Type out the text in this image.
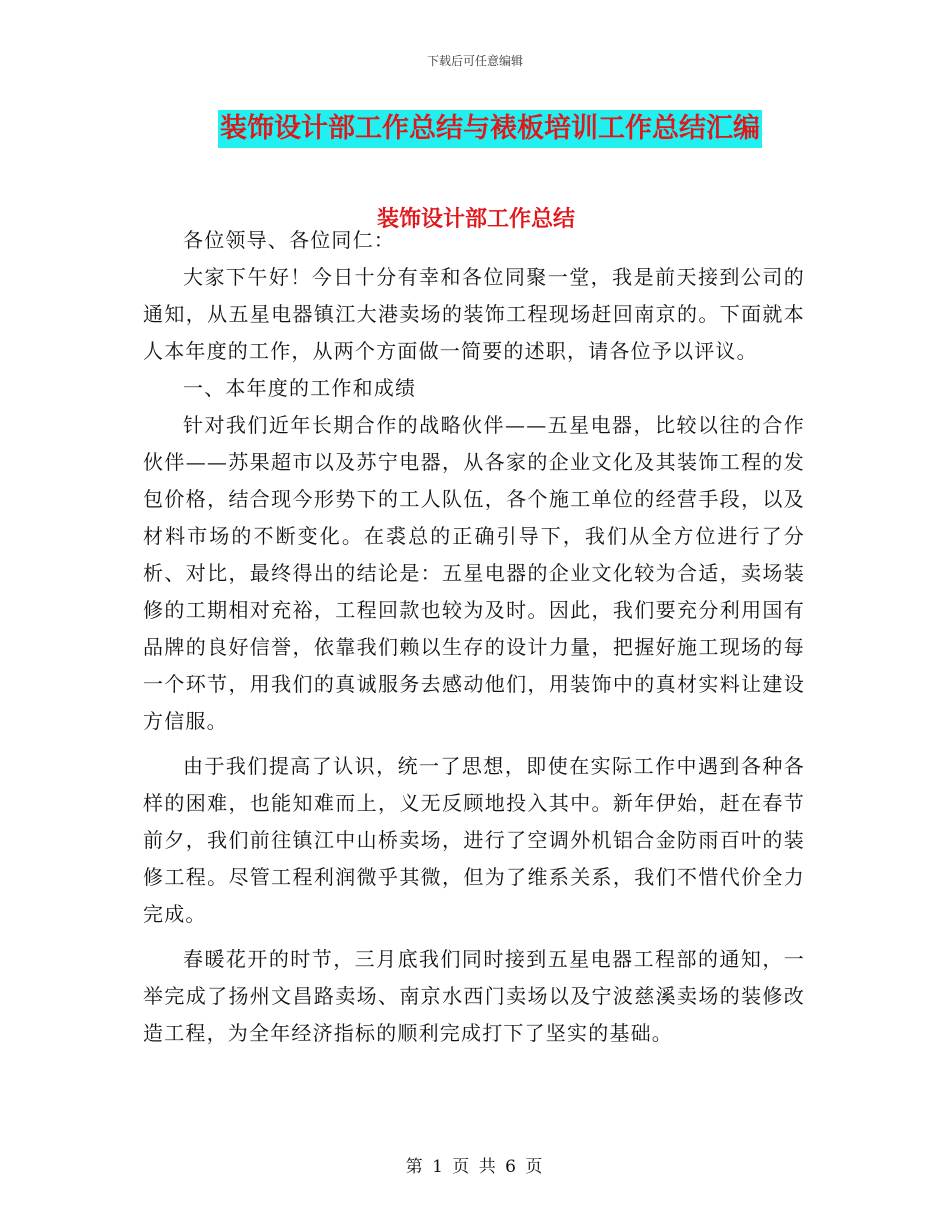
下载后可任意编辑
装饰设计部工作总结与裱板培训工作总结汇编
装饰设计部工作总结

各位领导、各位同仁：

大家下午好！今日十分有幸和各位同聚一堂，我是前天接到公司的通知，从五星电器镇江大港卖场的装饰工程现场赶回南京的。下面就本人本年度的工作，从两个方面做一简要的述职，请各位予以评议。

一、本年度的工作和成绩

针对我们近年长期合作的战略伙伴——五星电器，比较以往的合作伙伴——苏果超市以及苏宁电器，从各家的企业文化及其装饰工程的发包价格，结合现今形势下的工人队伍，各个施工单位的经营手段，以及材料市场的不断变化。在裘总的正确引导下，我们从全方位进行了分析、对比，最终得出的结论是：五星电器的企业文化较为合适，卖场装修的工期相对充裕，工程回款也较为及时。因此，我们要充分利用国有品牌的良好信誉，依靠我们赖以生存的设计力量，把握好施工现场的每一个环节，用我们的真诚服务去感动他们，用装饰中的真材实料让建设方信服。

由于我们提高了认识，统一了思想，即使在实际工作中遇到各种各样的困难，也能知难而上，义无反顾地投入其中。新年伊始，赶在春节前夕，我们前往镇江中山桥卖场，进行了空调外机铝合金防雨百叶的装修工程。尽管工程利润微乎其微，但为了维系关系，我们不惜代价全力完成。

春暖花开的时节，三月底我们同时接到五星电器工程部的通知，一举完成了扬州文昌路卖场、南京水西门卖场以及宁波慈溪卖场的装修改造工程，为全年经济指标的顺利完成打下了坚实的基础。

第 1 页 共 6 页
